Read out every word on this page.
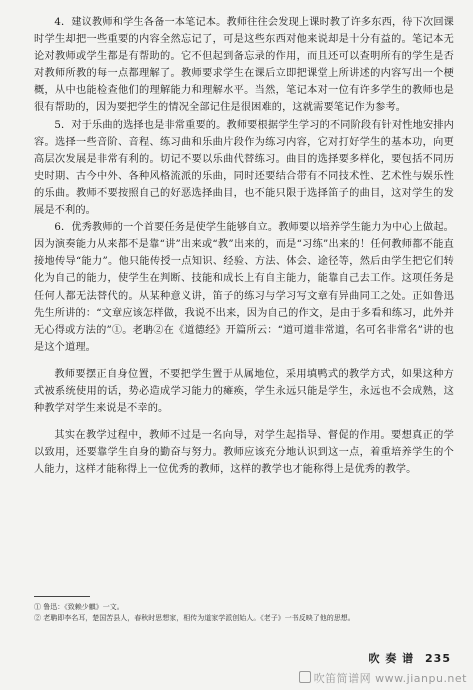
4．建议教师和学生各备一本笔记本。教师往往会发现上课时教了许多东西，待下次回课时学生却把一些重要的内容全然忘记了，可是这些东西对他来说却是十分有益的。笔记本无论对教师或学生都是有帮助的。它不但起到备忘录的作用，而且还可以查明所有的学生是否对教师所教的每一点都理解了。教师要求学生在课后立即把课堂上所讲述的内容写出一个梗概，从中也能检查他们的理解能力和理解水平。当然，笔记本对一位有许多学生的教师也是很有帮助的，因为要把学生的情况全部记住是很困难的，这就需要笔记作为参考。

5．对于乐曲的选择也是非常重要的。教师要根据学生学习的不同阶段有针对性地安排内容。选择一些音阶、音程、练习曲和乐曲片段作为练习内容，它对打好学生的基本功，向更高层次发展是非常有利的。切记不要以乐曲代替练习。曲目的选择要多样化，要包括不同历史时期、古今中外、各种风格流派的乐曲，同时还要结合带有不同技术性、艺术性与娱乐性的乐曲。教师不要按照自己的好恶选择曲目，也不能只限于选择笛子的曲目，这对学生的发展是不利的。

6．优秀教师的一个首要任务是使学生能够自立。教师要以培养学生能力为中心上做起。因为演奏能力从来都不是靠“讲”出来或“教”出来的，而是“习练”出来的！任何教师都不能直接地传导“能力”。他只能传授一点知识、经验、方法、体会、途径等，然后由学生把它们转化为自己的能力，使学生在判断、技能和成长上有自主能力，能靠自己去工作。这项任务是任何人都无法替代的。从某种意义讲，笛子的练习与学习写文章有异曲同工之处。正如鲁迅先生所讲的：“文章应该怎样做，我说不出来，因为自己的作文，是由于多看和练习，此外并无心得或方法的”①。老聃②在《道德经》开篇所云：“道可道非常道，名可名非常名”讲的也是这个道理。

教师要摆正自身位置，不要把学生置于从属地位，采用填鸭式的教学方式，如果这种方式被系统使用的话，势必造成学习能力的瘫痪，学生永远只能是学生，永远也不会成熟，这种教学对学生来说是不幸的。

其实在教学过程中，教师不过是一名向导，对学生起指导、督促的作用。要想真正的学以致用，还要靠学生自身的勤奋与努力。教师应该充分地认识到这一点，着重培养学生的个人能力，这样才能称得上一位优秀的教师，这样的教学也才能称得上是优秀的教学。

① 鲁迅：《致赖少麒》一文。

② 老聃即李名耳，楚国苦县人，春秋时思想家，相传为道家学派创始人。《老子》一书反映了他的思想。

吹 奏 谱 235
吹笛简谱网 www.jianpu.net
